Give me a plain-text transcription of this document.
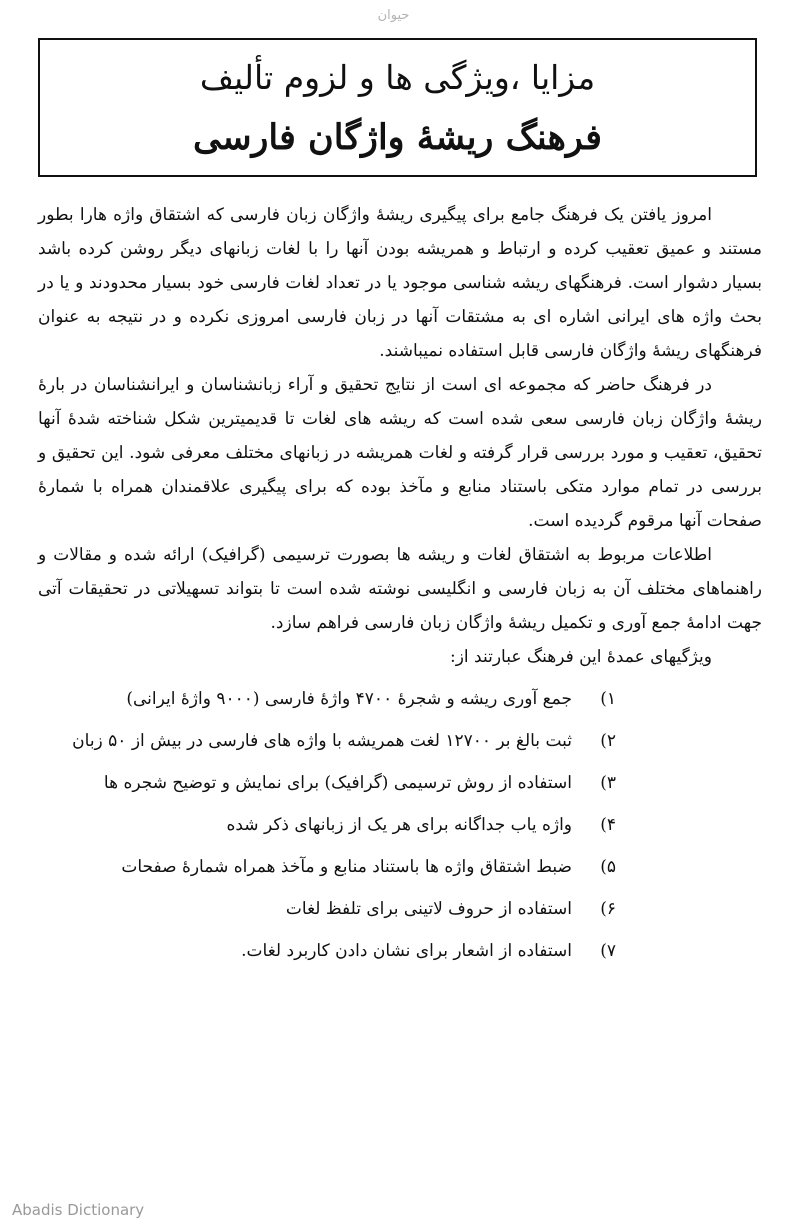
حیوان
مزایا ،ویژگی ها و لزوم تألیف
فرهنگ ریشهٔ واژگان فارسی

امروز یافتن یک فرهنگ جامع برای پیگیری ریشهٔ واژگان زبان فارسی که اشتقاق واژه هارا بطور مستند و عمیق تعقیب کرده و ارتباط و همریشه بودن آنها را با لغات زبانهای دیگر روشن کرده باشد بسیار دشوار است. فرهنگهای ریشه شناسی موجود یا در تعداد لغات فارسی خود بسیار محدودند و یا در بحث واژه های ایرانی اشاره ای به مشتقات آنها در زبان فارسی امروزی نکرده و در نتیجه به عنوان فرهنگهای ریشهٔ واژگان فارسی قابل استفاده نمیباشند.

در فرهنگ حاضر که مجموعه ای است از نتایج تحقیق و آراء زبانشناسان و ایرانشناسان در بارهٔ ریشهٔ واژگان زبان فارسی سعی شده است که ریشه های لغات تا قدیمیترین شکل شناخته شدهٔ آنها تحقیق، تعقیب و مورد بررسی قرار گرفته و لغات همریشه در زبانهای مختلف معرفی شود. این تحقیق و بررسی در تمام موارد متکی باستناد منابع و مآخذ بوده که برای پیگیری علاقمندان همراه با شمارهٔ صفحات آنها مرقوم گردیده است.

اطلاعات مربوط به اشتقاق لغات و ریشه ها بصورت ترسیمی (گرافیک) ارائه شده و مقالات و راهنماهای مختلف آن به زبان فارسی و انگلیسی نوشته شده است تا بتواند تسهیلاتی در تحقیقات آتی جهت ادامهٔ جمع آوری و تکمیل ریشهٔ واژگان زبان فارسی فراهم سازد.

ویژگیهای عمدهٔ این فرهنگ عبارتند از:

۱)
جمع آوری ریشه و شجرهٔ ۴۷۰۰ واژهٔ فارسی (۹۰۰۰ واژهٔ ایرانی)
۲)
ثبت بالغ بر ۱۲۷۰۰ لغت همریشه با واژه های فارسی در بیش از ۵۰ زبان
۳)
استفاده از روش ترسیمی (گرافیک) برای نمایش و توضیح شجره ها
۴)
واژه یاب جداگانه برای هر یک از زبانهای ذکر شده
۵)
ضبط اشتقاق واژه ها باستناد منابع و مآخذ همراه شمارهٔ صفحات
۶)
استفاده از حروف لاتینی برای تلفظ لغات
۷)
استفاده از اشعار برای نشان دادن کاربرد لغات.
Abadis Dictionary
